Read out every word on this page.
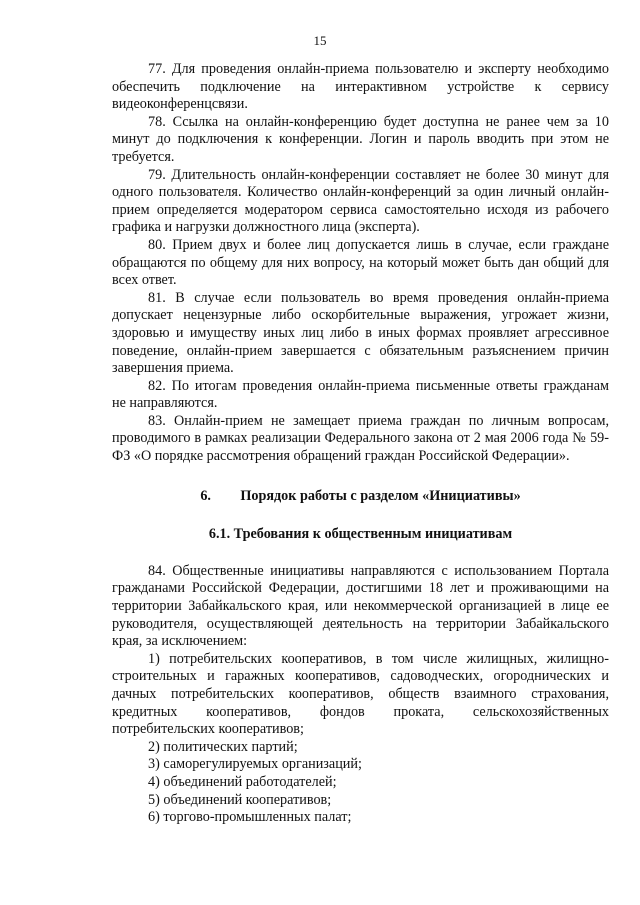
15

77. Для проведения онлайн-приема пользователю и эксперту необходимо обеспечить подключение на интерактивном устройстве к сервису видеоконференцсвязи.

78. Ссылка на онлайн-конференцию будет доступна не ранее чем за 10 минут до подключения к конференции. Логин и пароль вводить при этом не требуется.

79. Длительность онлайн-конференции составляет не более 30 минут для одного пользователя. Количество онлайн-конференций за один личный онлайн-прием определяется модератором сервиса самостоятельно исходя из рабочего графика и нагрузки должностного лица (эксперта).

80. Прием двух и более лиц допускается лишь в случае, если граждане обращаются по общему для них вопросу, на который может быть дан общий для всех ответ.

81. В случае если пользователь во время проведения онлайн-приема допускает нецензурные либо оскорбительные выражения, угрожает жизни, здоровью и имуществу иных лиц либо в иных формах проявляет агрессивное поведение, онлайн-прием завершается с обязательным разъяснением причин завершения приема.

82. По итогам проведения онлайн-приема письменные ответы гражданам не направляются.

83. Онлайн-прием не замещает приема граждан по личным вопросам, проводимого в рамках реализации Федерального закона от 2 мая 2006 года № 59-ФЗ «О порядке рассмотрения обращений граждан Российской Федерации».

6. Порядок работы с разделом «Инициативы»

6.1. Требования к общественным инициативам

84. Общественные инициативы направляются с использованием Портала гражданами Российской Федерации, достигшими 18 лет и проживающими на территории Забайкальского края, или некоммерческой организацией в лице ее руководителя, осуществляющей деятельность на территории Забайкальского края, за исключением:

1) потребительских кооперативов, в том числе жилищных, жилищно-строительных и гаражных кооперативов, садоводческих, огороднических и дачных потребительских кооперативов, обществ взаимного страхования, кредитных кооперативов, фондов проката, сельскохозяйственных потребительских кооперативов;

2) политических партий;

3) саморегулируемых организаций;

4) объединений работодателей;

5) объединений кооперативов;

6) торгово-промышленных палат;
